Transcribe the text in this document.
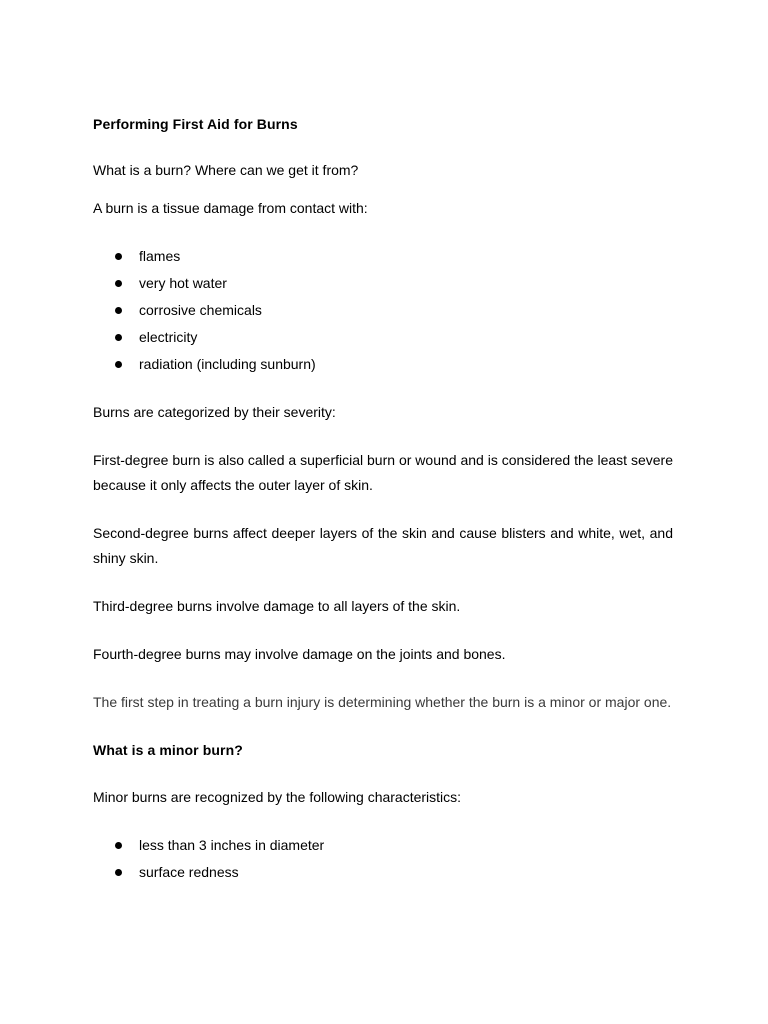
Performing First Aid for Burns

What is a burn? Where can we get it from?

A burn is a tissue damage from contact with:

flames
very hot water
corrosive chemicals
electricity
radiation (including sunburn)

Burns are categorized by their severity:

First-degree burn is also called a superficial burn or wound and is considered the least severe because it only affects the outer layer of skin.

Second-degree burns affect deeper layers of the skin and cause blisters and white, wet, and shiny skin.

Third-degree burns involve damage to all layers of the skin.

Fourth-degree burns may involve damage on the joints and bones.

The first step in treating a burn injury is determining whether the burn is a minor or major one.

What is a minor burn?

Minor burns are recognized by the following characteristics:

less than 3 inches in diameter
surface redness
